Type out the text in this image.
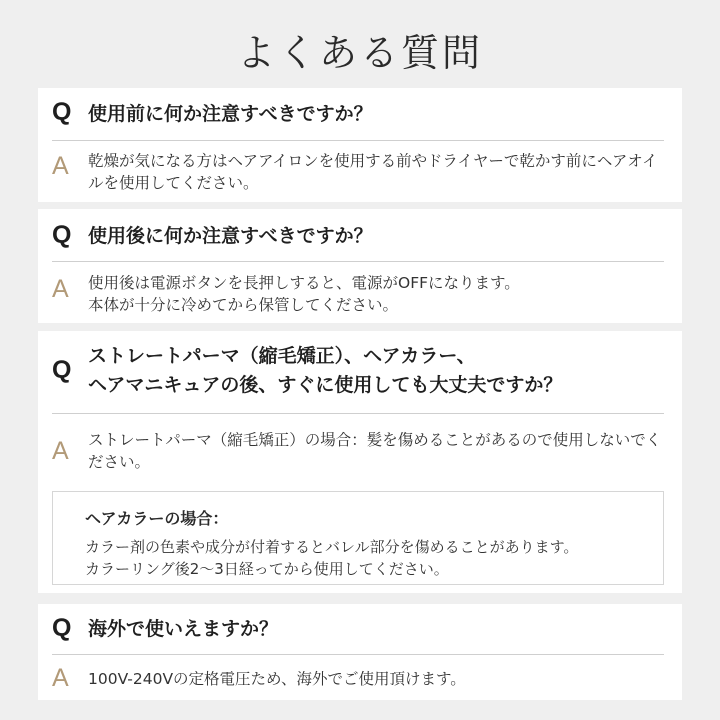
よくある質問
Q 使用前に何か注意すべきですか？
A 乾燥が気になる方はヘアアイロンを使用する前やドライヤーで乾かす前にヘアオイルを使用してください。
Q 使用後に何か注意すべきですか？
A 使用後は電源ボタンを長押しすると、電源がOFFになります。
本体が十分に冷めてから保管してください。
Q ストレートパーマ（縮毛矯正）、ヘアカラー、
ヘアマニキュアの後、すぐに使用しても大丈夫ですか？
A ストレートパーマ（縮毛矯正）の場合：髪を傷めることがあるので使用しないでください。
ヘアカラーの場合：
カラー剤の色素や成分が付着するとバレル部分を傷めることがあります。
カラーリング後2〜3日経ってから使用してください。
Q 海外で使いえますか？
A 100V-240Vの定格電圧ため、海外でご使用頂けます。
